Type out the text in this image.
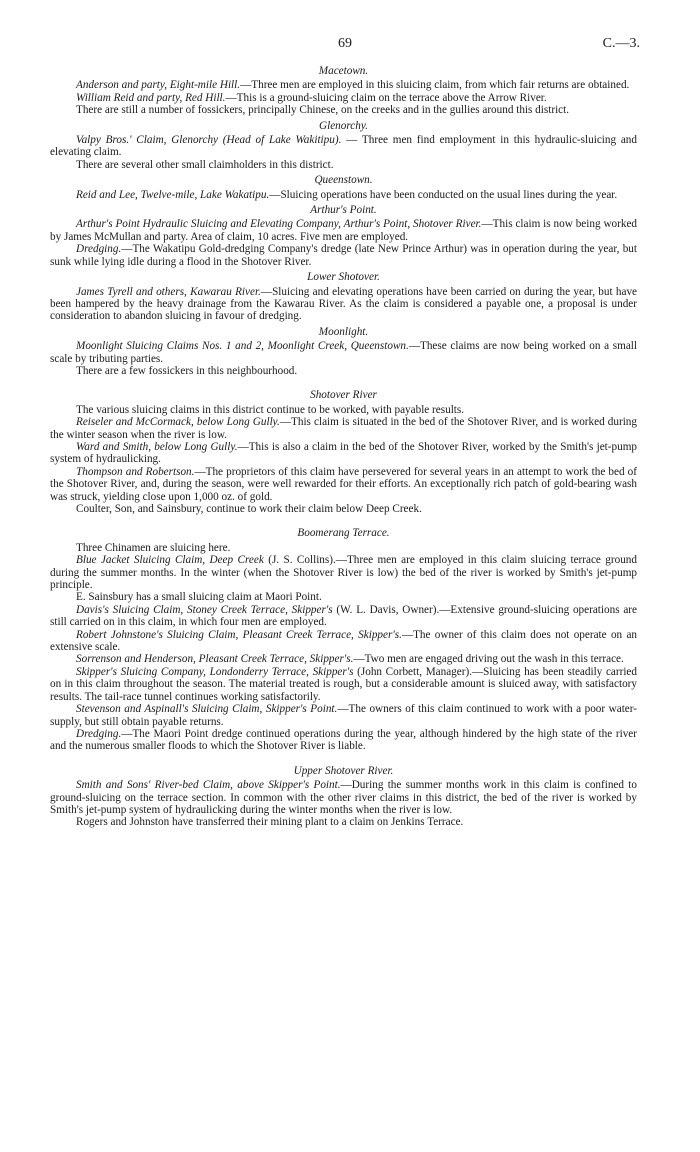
69	C.—3.
Macetown.

Anderson and party, Eight-mile Hill.—Three men are employed in this sluicing claim, from which fair returns are obtained.

William Reid and party, Red Hill.—This is a ground-sluicing claim on the terrace above the Arrow River.

There are still a number of fossickers, principally Chinese, on the creeks and in the gullies around this district.

Glenorchy.

Valpy Bros.' Claim, Glenorchy (Head of Lake Wakitipu). — Three men find employment in this hydraulic-sluicing and elevating claim.

There are several other small claimholders in this district.

Queenstown.

Reid and Lee, Twelve-mile, Lake Wakatipu.—Sluicing operations have been conducted on the usual lines during the year.

Arthur's Point.

Arthur's Point Hydraulic Sluicing and Elevating Company, Arthur's Point, Shotover River.—This claim is now being worked by James McMullan and party. Area of claim, 10 acres. Five men are employed.

Dredging.—The Wakatipu Gold-dredging Company's dredge (late New Prince Arthur) was in operation during the year, but sunk while lying idle during a flood in the Shotover River.

Lower Shotover.

James Tyrell and others, Kawarau River.—Sluicing and elevating operations have been carried on during the year, but have been hampered by the heavy drainage from the Kawarau River. As the claim is considered a payable one, a proposal is under consideration to abandon sluicing in favour of dredging.

Moonlight.

Moonlight Sluicing Claims Nos. 1 and 2, Moonlight Creek, Queenstown.—These claims are now being worked on a small scale by tributing parties.

There are a few fossickers in this neighbourhood.

Shotover River

The various sluicing claims in this district continue to be worked, with payable results.

Reiseler and McCormack, below Long Gully.—This claim is situated in the bed of the Shotover River, and is worked during the winter season when the river is low.

Ward and Smith, below Long Gully.—This is also a claim in the bed of the Shotover River, worked by the Smith's jet-pump system of hydraulicking.

Thompson and Robertson.—The proprietors of this claim have persevered for several years in an attempt to work the bed of the Shotover River, and, during the season, were well rewarded for their efforts. An exceptionally rich patch of gold-bearing wash was struck, yielding close upon 1,000 oz. of gold.

Coulter, Son, and Sainsbury, continue to work their claim below Deep Creek.

Boomerang Terrace.

Three Chinamen are sluicing here.

Blue Jacket Sluicing Claim, Deep Creek (J. S. Collins).—Three men are employed in this claim sluicing terrace ground during the summer months. In the winter (when the Shotover River is low) the bed of the river is worked by Smith's jet-pump principle.

E. Sainsbury has a small sluicing claim at Maori Point.

Davis's Sluicing Claim, Stoney Creek Terrace, Skipper's (W. L. Davis, Owner).—Extensive ground-sluicing operations are still carried on in this claim, in which four men are employed.

Robert Johnstone's Sluicing Claim, Pleasant Creek Terrace, Skipper's.—The owner of this claim does not operate on an extensive scale.

Sorrenson and Henderson, Pleasant Creek Terrace, Skipper's.—Two men are engaged driving out the wash in this terrace.

Skipper's Sluicing Company, Londonderry Terrace, Skipper's (John Corbett, Manager).—Sluicing has been steadily carried on in this claim throughout the season. The material treated is rough, but a considerable amount is sluiced away, with satisfactory results. The tail-race tunnel continues working satisfactorily.

Stevenson and Aspinall's Sluicing Claim, Skipper's Point.—The owners of this claim continued to work with a poor water-supply, but still obtain payable returns.

Dredging.—The Maori Point dredge continued operations during the year, although hindered by the high state of the river and the numerous smaller floods to which the Shotover River is liable.

Upper Shotover River.

Smith and Sons' River-bed Claim, above Skipper's Point.—During the summer months work in this claim is confined to ground-sluicing on the terrace section. In common with the other river claims in this district, the bed of the river is worked by Smith's jet-pump system of hydraulicking during the winter months when the river is low.

Rogers and Johnston have transferred their mining plant to a claim on Jenkins Terrace.
